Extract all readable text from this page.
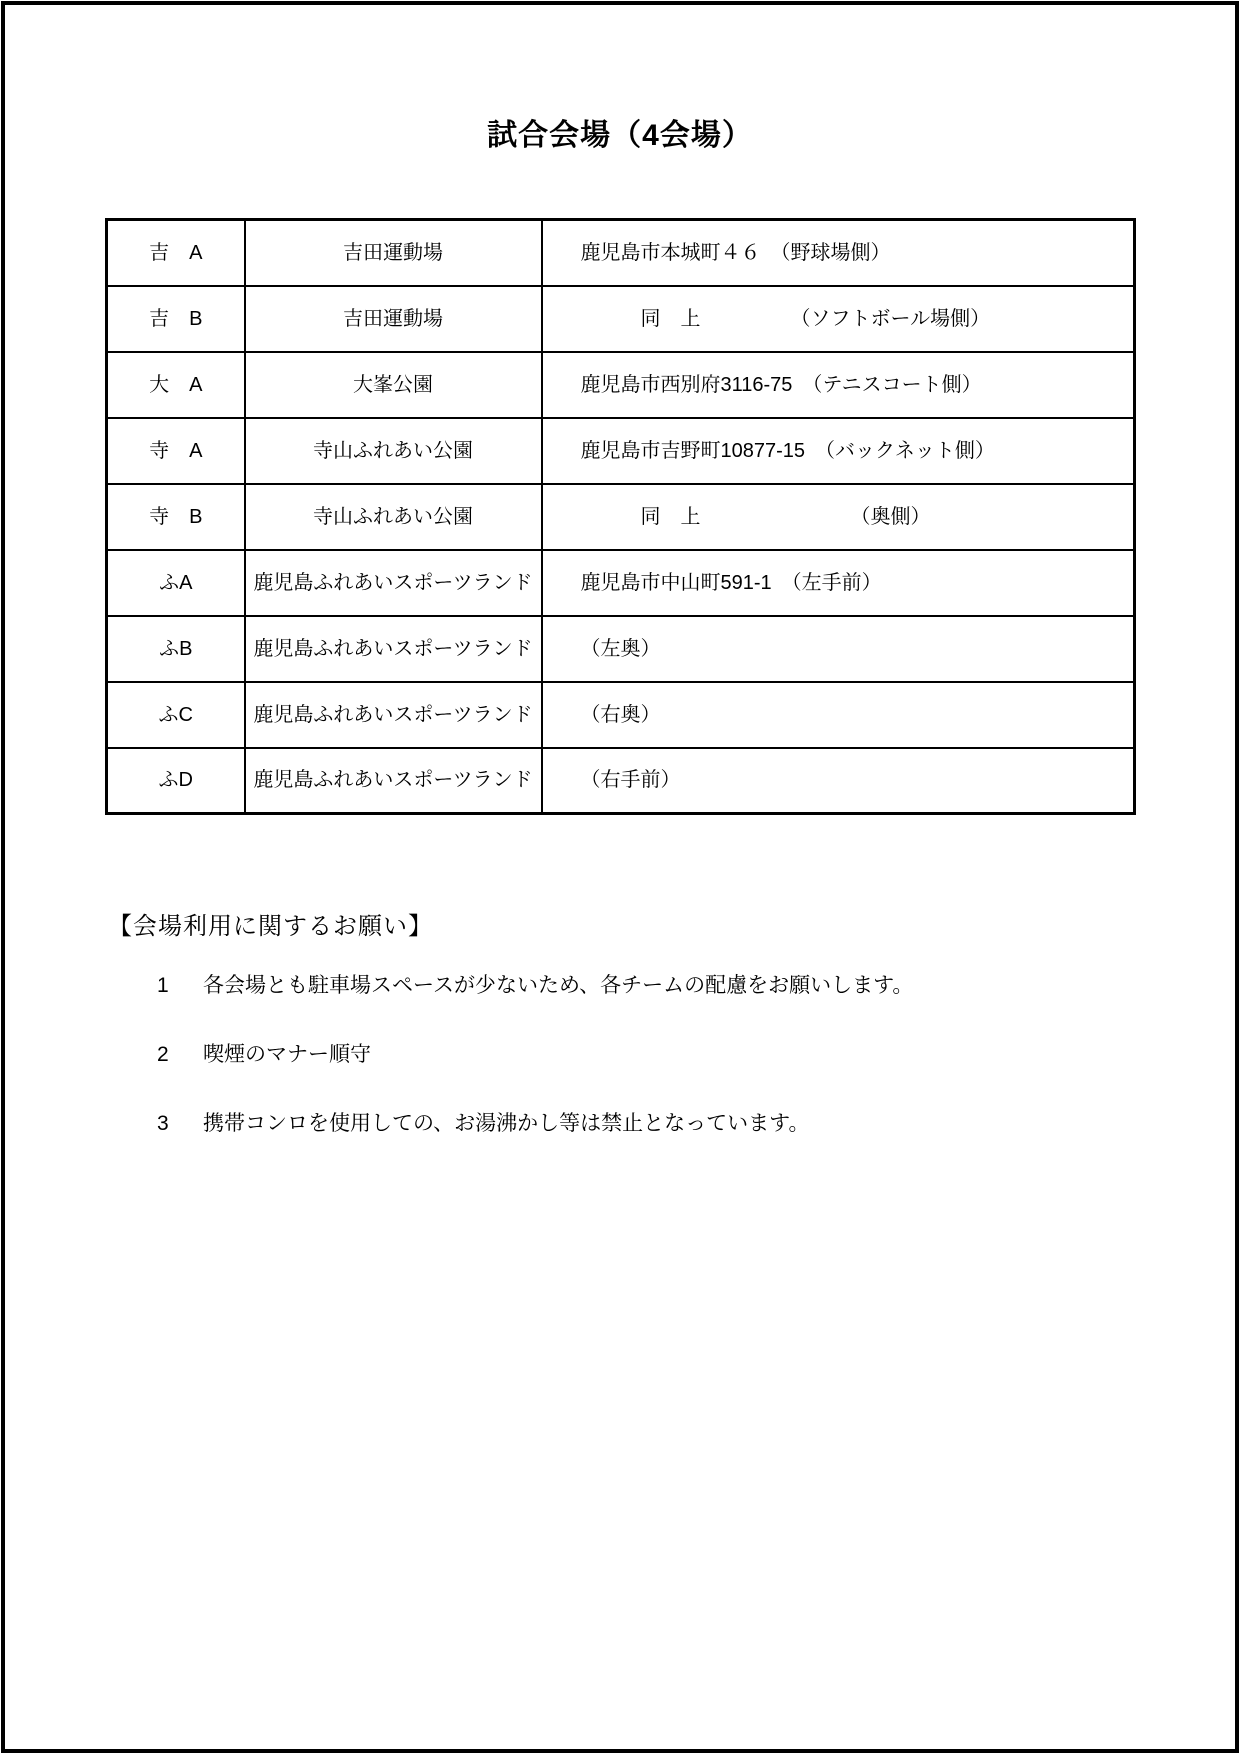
試合会場（4会場）
吉　A	吉田運動場	鹿児島市本城町４６　（野球場側）
吉　B	吉田運動場	　　　同　上　　　　　（ソフトボール場側）
大　A	大峯公園	鹿児島市西別府3116-75　（テニスコート側）
寺　A	寺山ふれあい公園	鹿児島市吉野町10877-15　（バックネット側）
寺　B	寺山ふれあい公園	　　　同　上　　　　　　　　（奥側）
ふA	鹿児島ふれあいスポーツランド	鹿児島市中山町591-1　（左手前）
ふB	鹿児島ふれあいスポーツランド	（左奥）
ふC	鹿児島ふれあいスポーツランド	（右奥）
ふD	鹿児島ふれあいスポーツランド	（右手前）
【会場利用に関するお願い】
1	各会場とも駐車場スペースが少ないため、各チームの配慮をお願いします。
2	喫煙のマナー順守
3	携帯コンロを使用しての、お湯沸かし等は禁止となっています。
